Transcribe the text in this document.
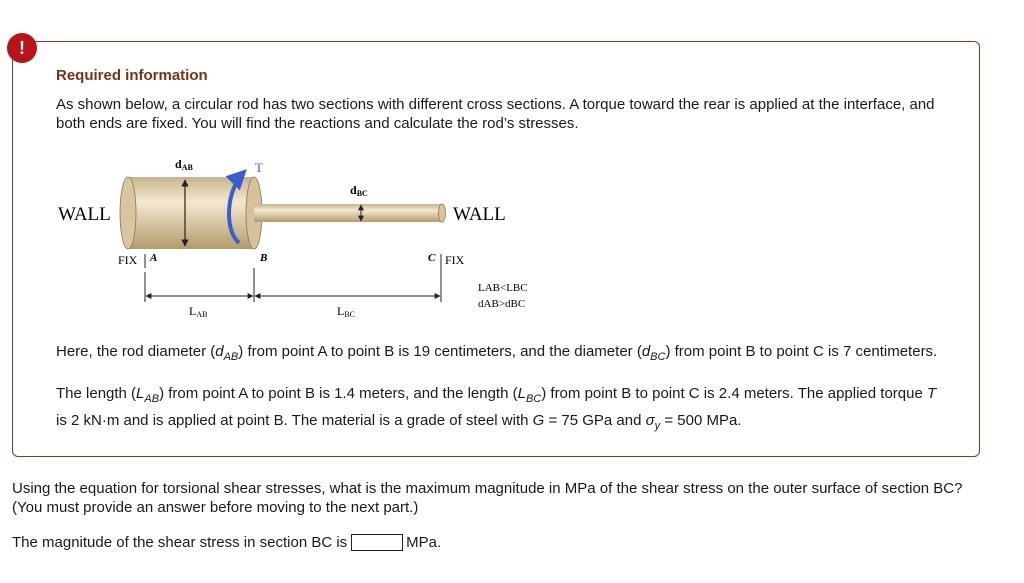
!
Required information
As shown below, a circular rod has two sections with different cross sections. A torque toward the rear is applied at the interface, and both ends are fixed. You will find the reactions and calculate the rod’s stresses.
WALL	WALL
dAB
dBC
T
FIX A	B	C FIX
LAB	LBC
LAB<LBC
dAB>dBC
Here, the rod diameter $(d_{AB})$ from point A to point B is 19 centimeters, and the diameter $(d_{BC})$ from point B to point C is 7 centimeters.
The length $(L_{AB})$ from point A to point B is 1.4 meters, and the length $(L_{BC})$ from point B to point C is 2.4 meters. The applied torque T is 2 kN·m and is applied at point B. The material is a grade of steel with G = 75 GPa and $\sigma_y = 500$ MPa.
Using the equation for torsional shear stresses, what is the maximum magnitude in MPa of the shear stress on the outer surface of section BC? (You must provide an answer before moving to the next part.)
The magnitude of the shear stress in section BC is	MPa.
